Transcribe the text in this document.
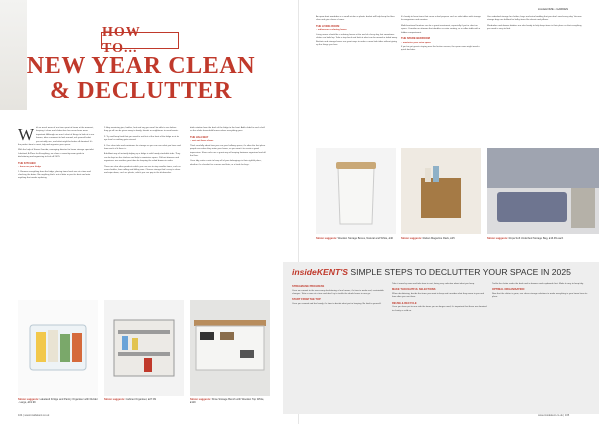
HOW TO...
NEW YEAR CLEAN
& DECLUTTER

With so much more of our time spent at home at the moment, keeping it clean and clutter-free has never been more important. Although we aren't short of things to look at in our homes, take a moment to look around, ask yourself what you actually use, and what might be better off donated. It's the perfect time to reset, tidy and organise your space.

With the help of Simon Garside, managing director for home storage specialist Lakeland, A Place for Everything, we share a room-by-room guide to decluttering and organising to kick off 2025.

THE KITCHEN
– focus on your fridge

1. Remove everything from the fridge, placing items back one at a time and checking the dates. Bin anything that's out of date or past its best and note anything that needs replacing.

2. Any remaining jars, bottles, fruit and veg you won't be able to use before they go off can be given away to family, friends or neighbours to avoid waste.

3. Try and keep food that you need to eat first at the front of the fridge or at its eye level so nothing gets missed.

4. Use clear tubs and containers for storage so you can see what you have and how much of it there is.

A brilliant way of instantly tidying up a fridge is with handy stackable tubs. They can be kept on the shelves and help to maximise space. Pull-out drawers and organisers are another great idea for keeping the salad drawer in order.

There are also other products which you can use to stop smaller items, such as sauce bottles, from rolling and falling over. Choose storage that's easy to clean and wipe down, such as plastic, which you can pop in the dishwasher.

drink rotation from the back of the fridge to the front. Add a label to each shelf so the whole household knows where everything goes.

THE HALLWAY
– sort out those shoes

Think carefully about how you use your hallway space; it's often the first place people see when they enter your home, so you want it to create a good impression. Shoe racks are a great way of keeping footwear organised and off the floor.

Once tidy, write a note to keep all of your belongings in their rightful place, whether it's a basket for scarves and hats, or a hook for keys.

Simon suggests: Lakeland Fridge and Pantry Organiser with Divider - Large, £19.99
Simon suggests: Cabinet Organiser, £27.99	Simon suggests: Shoe Storage Bench with Wooden Top White, £119
104 | www.insidekent.co.uk
insideHOME • GARDEN

An open-front wardrobe or a small wicker or plastic basket will help keep the floor clear and give shoes a home.

THE LIVING ROOM
– rediscover a relaxing haven

Living rooms should be a relaxing haven at the end of a busy day, but sometimes clutter can build up. Take a step back and look at what can be moved or tidied away. Baskets and storage boxes are great ways to make a room look tidier without giving up the things you love.

It's handy to have items that serve a dual purpose such as side tables with storage for magazines and remotes.

Multi-functional furniture can be a great investment, especially if you're short on space. Consider an ottoman that doubles as extra seating, or a coffee table with a hidden compartment.

THE SPARE BEDROOM
– maximise your extra space

If you've got guests staying over the festive season, the spare room might need a quick declutter.

Use underbed storage for clothes, bags and extra bedding that you don't need every day. Vacuum storage bags are brilliant for bulky items like duvets and pillows.

Wardrobes and drawer dividers are also handy to help keep items in their place so that everything you need is easy to find.

Simon suggests: Wooden Storage Boxes, Natural and White, £40	Simon suggests: Rattan Magazine Rack, £25	Simon suggests: Ropa Soft Underbed Storage Bag, £16.99 each
insideKENT'S SIMPLE STEPS TO DECLUTTER YOUR SPACE IN 2025
STREAMLINE PROGRESS

Once we commit to the necessary decluttering of our homes, it's time to make real, sustainable changes. Take a room at a time and don't try to tackle the whole house in one go.

START FROM THE TOP

Once you commit and feel ready, it's time to decide what you're keeping. Be kind to yourself.

Take it room by room and take time to sort, being very selective about what you keep.

MAKE THOUGHTFUL SELECTIONS

When decluttering, decide the items you want to keep and consider what they mean to you and how often you use them.

REUSE & RECYCLE

Once you have put to one side the items you no longer need, it's important that these are donated to charity or sold on.

Tackle the clutter under the beds and in drawers and cupboards first. Make it easy to keep tidy.

OPTIMAL ORGANISATION

Now that the clutter is gone, use clever storage solutions to make everything in your home have its place.

www.insidekent.co.uk | 105
